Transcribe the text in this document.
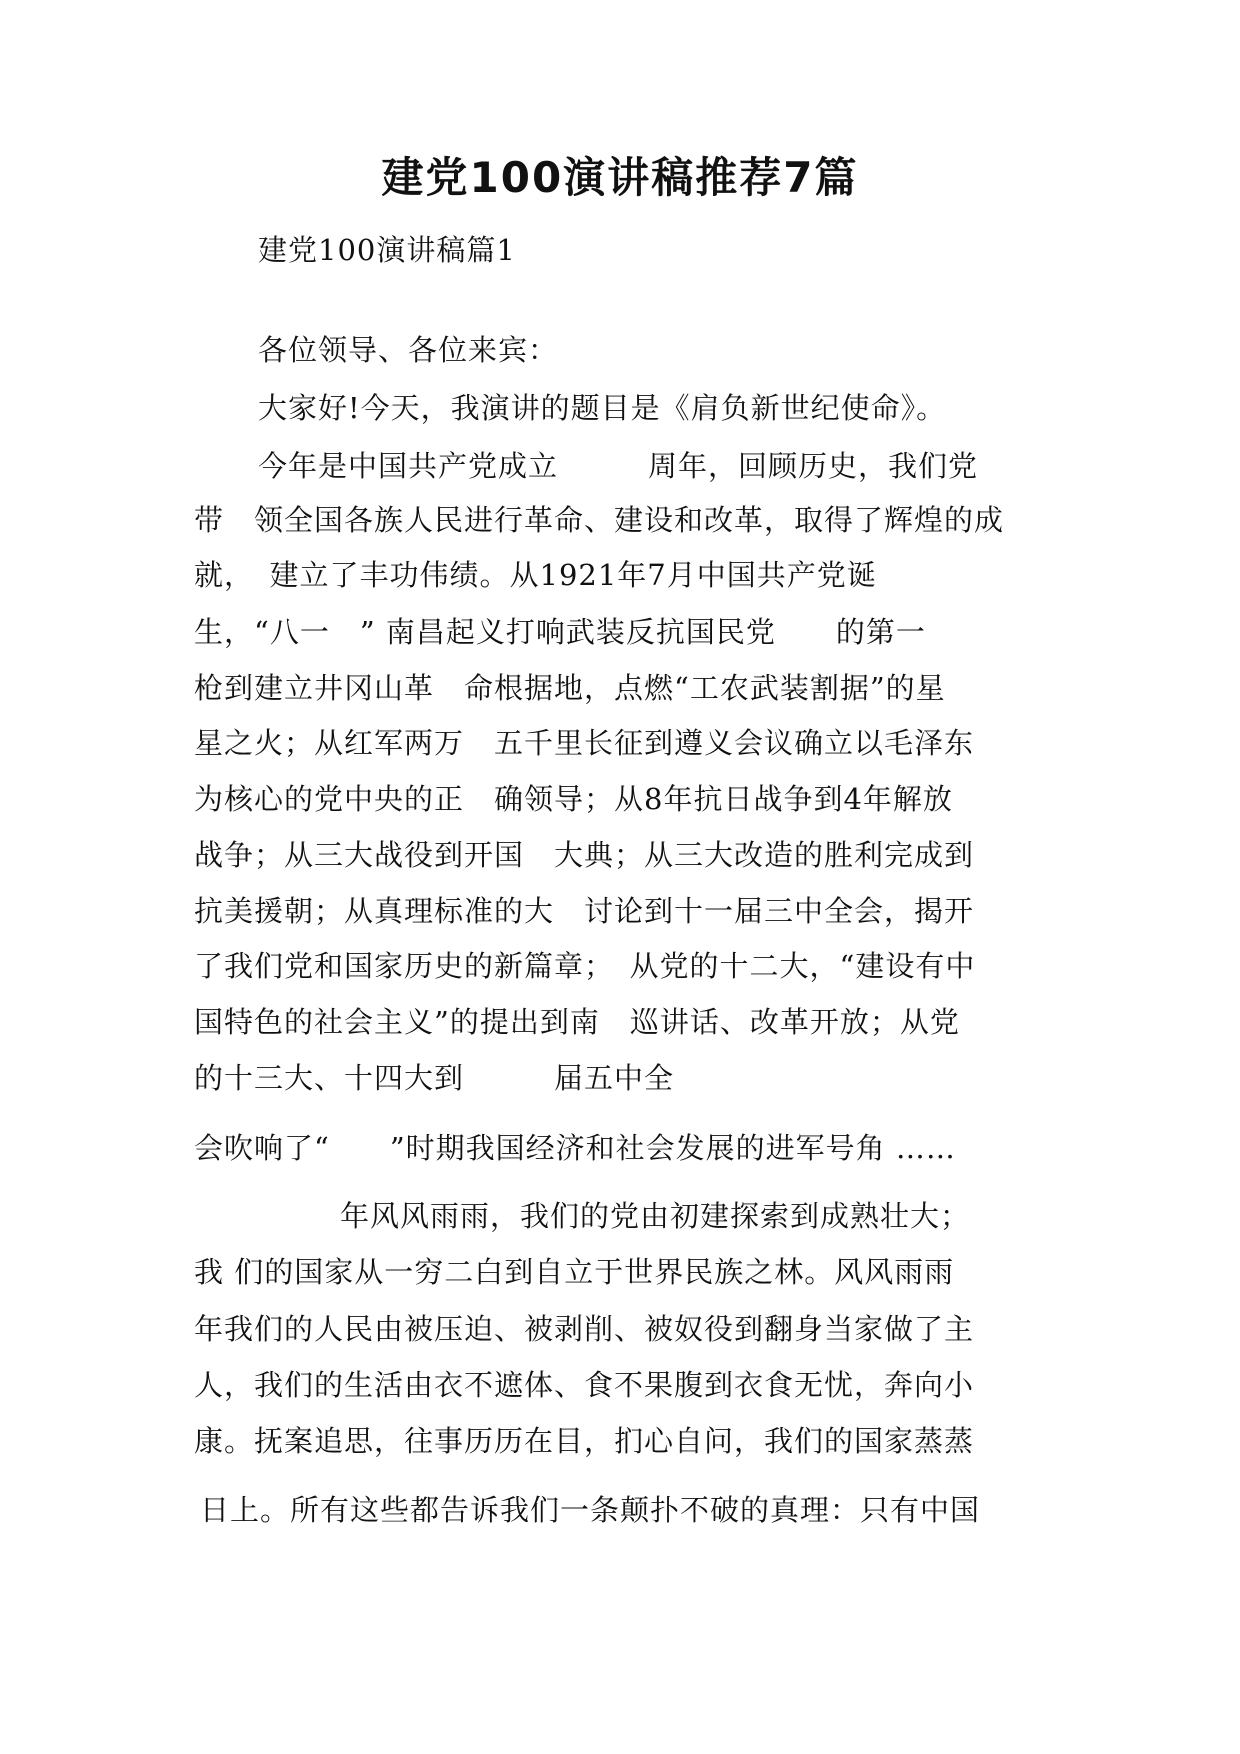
建党100演讲稿推荐7篇
建党100演讲稿篇1
各位领导、各位来宾：
大家好!今天，我演讲的题目是《肩负新世纪使命》。
今年是中国共产党成立　　　周年，回顾历史，我们党
带　领全国各族人民进行革命、建设和改革，取得了辉煌的成
就，　建立了丰功伟绩。从1921年7月中国共产党诞
生，“八一　” 南昌起义打响武装反抗国民党　　的第一
枪到建立井冈山革　命根据地，点燃“工农武装割据”的星
星之火；从红军两万　五千里长征到遵义会议确立以毛泽东
为核心的党中央的正　确领导；从8年抗日战争到4年解放
战争；从三大战役到开国　大典；从三大改造的胜利完成到
抗美援朝；从真理标准的大　讨论到十一届三中全会，揭开
了我们党和国家历史的新篇章；　从党的十二大，“建设有中
国特色的社会主义”的提出到南　巡讲话、改革开放；从党
的十三大、十四大到　　　届五中全
会吹响了“　　”时期我国经济和社会发展的进军号角 ……
年风风雨雨，我们的党由初建探索到成熟壮大；
我 们的国家从一穷二白到自立于世界民族之林。风风雨雨
年我们的人民由被压迫、被剥削、被奴役到翻身当家做了主
人，我们的生活由衣不遮体、食不果腹到衣食无忧，奔向小
康。抚案追思，往事历历在目，扪心自问，我们的国家蒸蒸
日上。所有这些都告诉我们一条颠扑不破的真理：只有中国
